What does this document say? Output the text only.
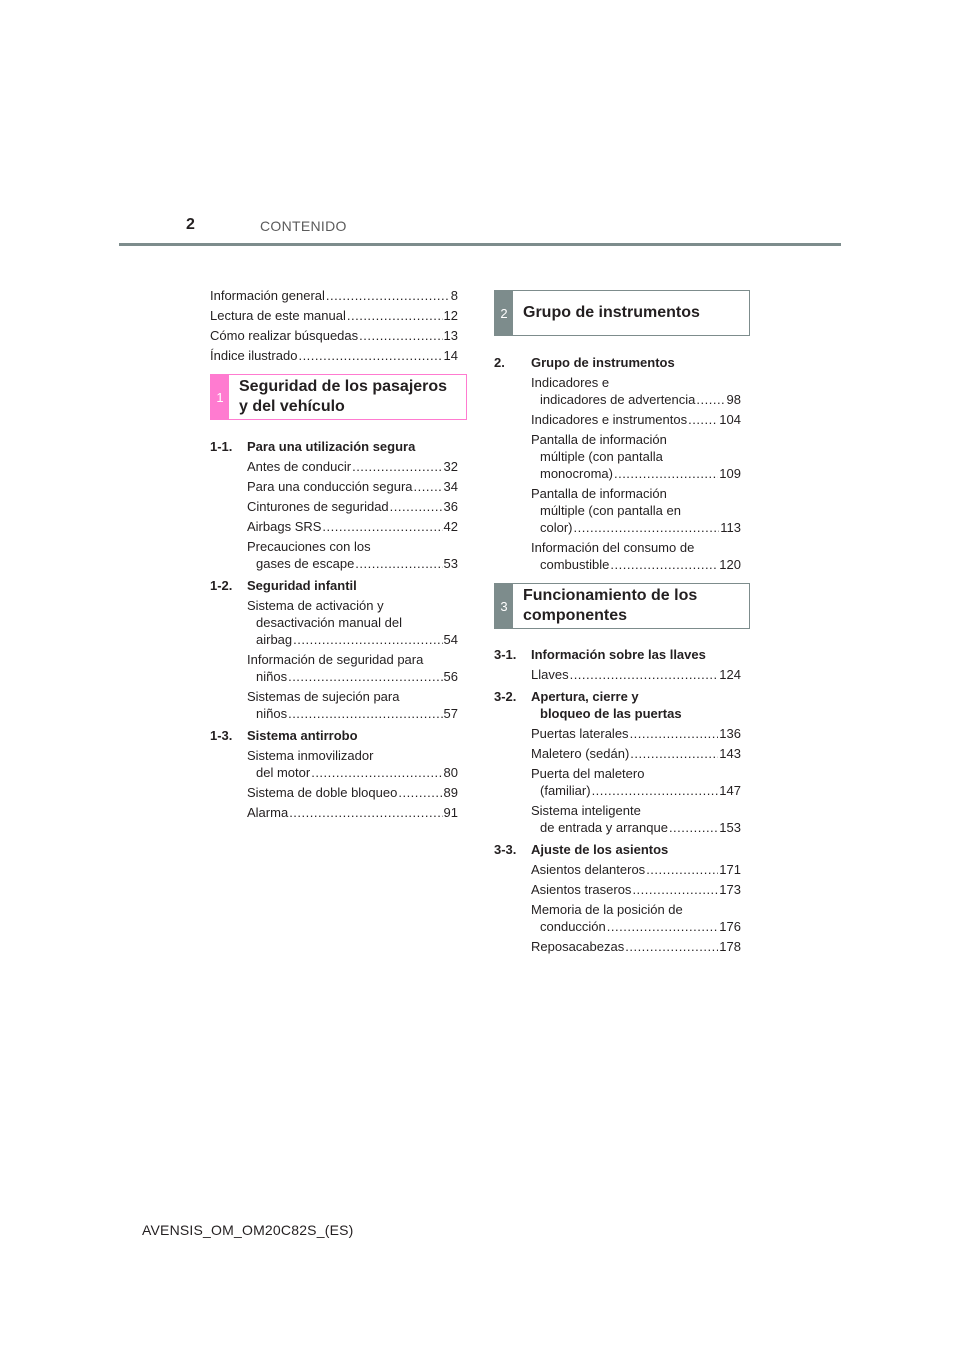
2	CONTENIDO
Información general .....	8
Lectura de este manual .....	12
Cómo realizar búsquedas .....	13
Índice ilustrado .....	14
1
Seguridad de los pasajeros
y del vehículo
1-1. Para una utilización segura
Antes de conducir .....	32
Para una conducción segura ..... 34
Cinturones de seguridad .....	36
Airbags SRS .....	42
Precauciones con los
gases de escape .....	53
1-2. Seguridad infantil
Sistema de activación y
desactivación manual del
airbag .....	54
Información de seguridad para
niños .....	56
Sistemas de sujeción para
niños .....	57
1-3. Sistema antirrobo
Sistema inmovilizador
del motor .....	80
Sistema de doble bloqueo .....	89
Alarma .....	91
2 Grupo de instrumentos
2. Grupo de instrumentos
Indicadores e
indicadores de advertencia ..... 98
Indicadores e instrumentos ..... 104
Pantalla de información
múltiple (con pantalla
monocroma) .....	109
Pantalla de información
múltiple (con pantalla en
color) .....	113
Información del consumo de
combustible .....	120
3
Funcionamiento de los
componentes
3-1. Información sobre las llaves
Llaves .....	124
3-2. Apertura, cierre y
bloqueo de las puertas
Puertas laterales .....	136
Maletero (sedán) .....	143
Puerta del maletero
(familiar) .....	147
Sistema inteligente
de entrada y arranque .....	153
3-3. Ajuste de los asientos
Asientos delanteros .....	171
Asientos traseros .....	173
Memoria de la posición de
conducción .....	176
Reposacabezas .....	178
AVENSIS_OM_OM20C82S_(ES)
